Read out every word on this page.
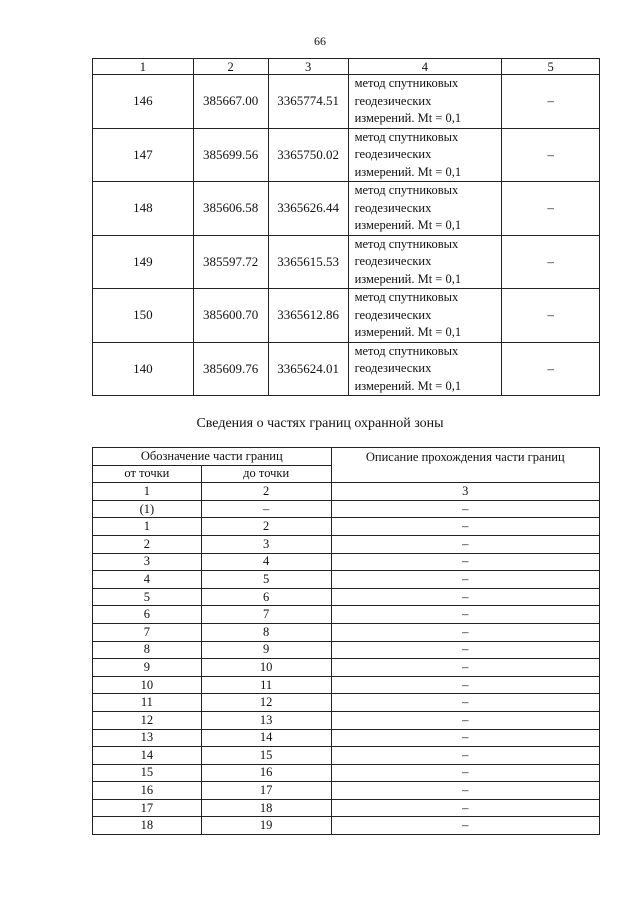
66
1	2	3	4	5
146	385667.00	3365774.51	метод спутниковых
геодезических
измерений. Mt = 0,1	–
147	385699.56	3365750.02	метод спутниковых
геодезических
измерений. Mt = 0,1	–
148	385606.58	3365626.44	метод спутниковых
геодезических
измерений. Mt = 0,1	–
149	385597.72	3365615.53	метод спутниковых
геодезических
измерений. Mt = 0,1	–
150	385600.70	3365612.86	метод спутниковых
геодезических
измерений. Mt = 0,1	–
140	385609.76	3365624.01	метод спутниковых
геодезических
измерений. Mt = 0,1	–
Сведения о частях границ охранной зоны
Обозначение части границ		Описание прохождения части границ
от точки	до точки	
1	2	3
(1)	–	–
1	2	–
2	3	–
3	4	–
4	5	–
5	6	–
6	7	–
7	8	–
8	9	–
9	10	–
10	11	–
11	12	–
12	13	–
13	14	–
14	15	–
15	16	–
16	17	–
17	18	–
18	19	–
